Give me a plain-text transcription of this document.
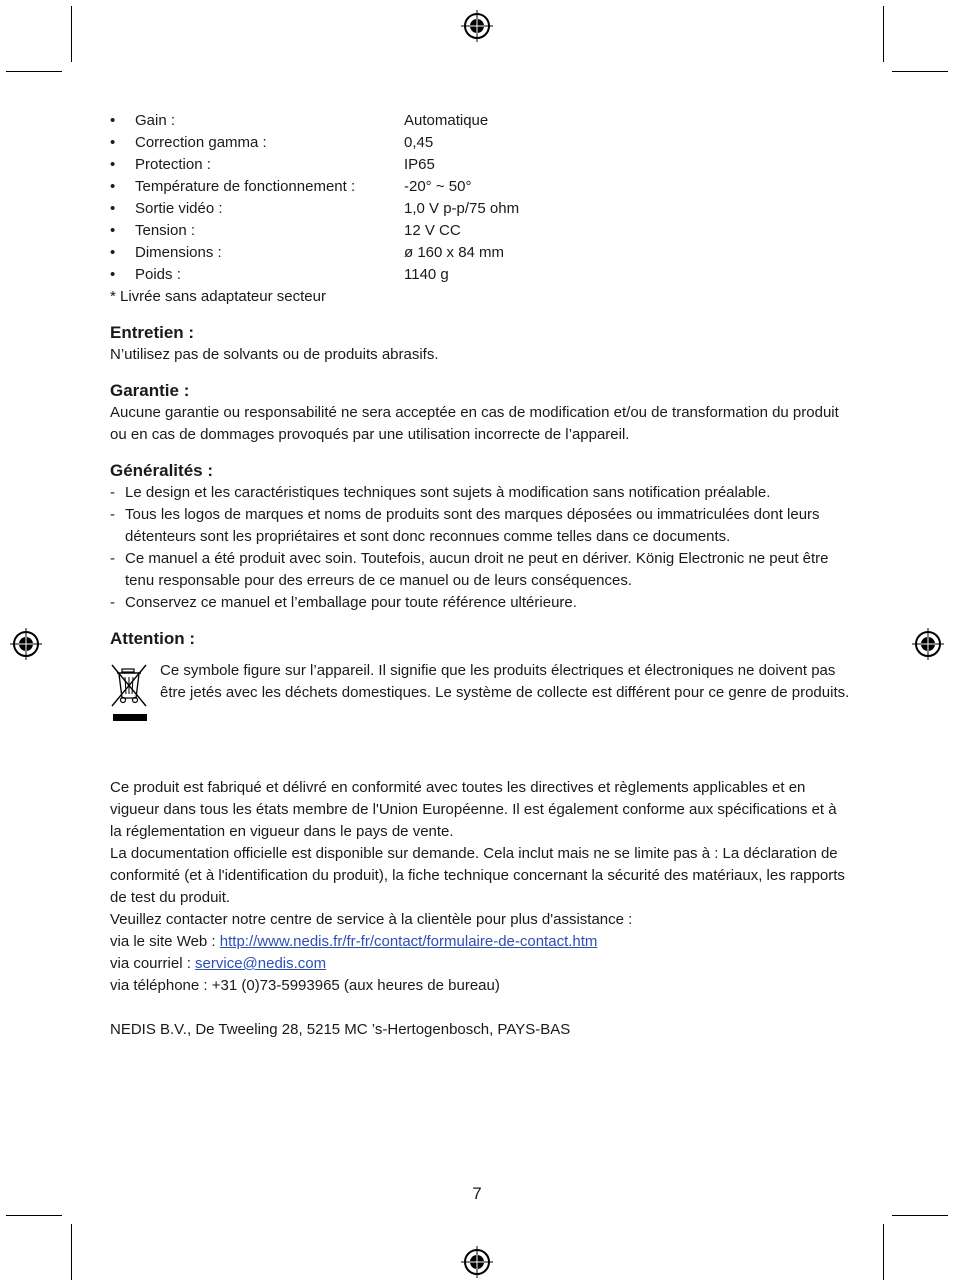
•	Gain :	Automatique
•	Correction gamma :	0,45
•	Protection :	IP65
•	Température de fonctionnement :	-20° ~ 50°
•	Sortie vidéo :	1,0 V p-p/75 ohm
•	Tension :	12 V CC
•	Dimensions :	ø 160 x 84 mm
•	Poids :	1140 g
* Livrée sans adaptateur secteur
Entretien :

N’utilisez pas de solvants ou de produits abrasifs.

Garantie :

Aucune garantie ou responsabilité ne sera acceptée en cas de modification et/ou de transformation du produit ou en cas de dommages provoqués par une utilisation incorrecte de l’appareil.

Généralités :
- Le design et les caractéristiques techniques sont sujets à modification sans notification préalable.
- Tous les logos de marques et noms de produits sont des marques déposées ou immatriculées dont leurs détenteurs sont les propriétaires et sont donc reconnues comme telles dans ce documents.
- Ce manuel a été produit avec soin. Toutefois, aucun droit ne peut en dériver. König Electronic ne peut être tenu responsable pour des erreurs de ce manuel ou de leurs conséquences.
- Conservez ce manuel et l’emballage pour toute référence ultérieure.
Attention :
Ce symbole figure sur l’appareil. Il signifie que les produits électriques et électroniques ne doivent pas être jetés avec les déchets domestiques. Le système de collecte est différent pour ce genre de produits.

Ce produit est fabriqué et délivré en conformité avec toutes les directives et règlements applicables et en vigueur dans tous les états membre de l'Union Européenne. Il est également conforme aux spécifications et à la réglementation en vigueur dans le pays de vente.

La documentation officielle est disponible sur demande. Cela inclut mais ne se limite pas à : La déclaration de conformité (et à l'identification du produit), la fiche technique concernant la sécurité des matériaux, les rapports de test du produit.

Veuillez contacter notre centre de service à la clientèle pour plus d'assistance :

via le site Web : http://www.nedis.fr/fr-fr/contact/formulaire-de-contact.htm

via courriel : service@nedis.com

via téléphone : +31 (0)73-5993965 (aux heures de bureau)

NEDIS B.V., De Tweeling 28, 5215 MC ’s-Hertogenbosch, PAYS-BAS

7
